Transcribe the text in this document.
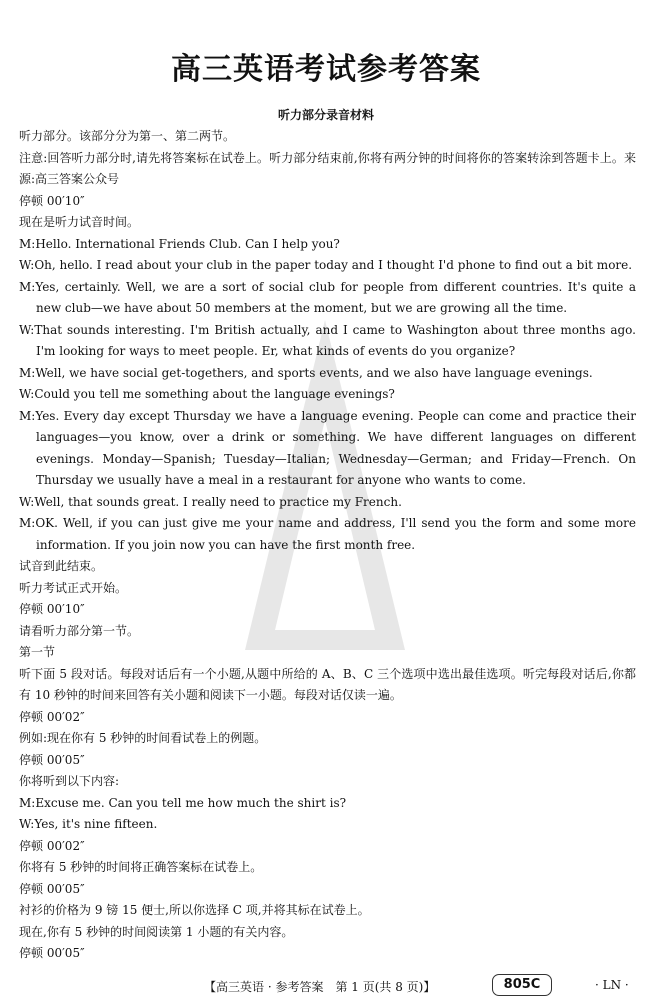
高三英语考试参考答案
听力部分录音材料
听力部分。该部分分为第一、第二两节。
注意:回答听力部分时,请先将答案标在试卷上。听力部分结束前,你将有两分钟的时间将你的答案转涂到答题卡上。来源:高三答案公众号
停顿 00′10″
现在是听力试音时间。
M:Hello. International Friends Club. Can I help you?
W:Oh, hello. I read about your club in the paper today and I thought I'd phone to find out a bit more.
M:Yes, certainly. Well, we are a sort of social club for people from different countries. It's quite a new club—we have about 50 members at the moment, but we are growing all the time.
W:That sounds interesting. I'm British actually, and I came to Washington about three months ago. I'm looking for ways to meet people. Er, what kinds of events do you organize?
M:Well, we have social get-togethers, and sports events, and we also have language evenings.
W:Could you tell me something about the language evenings?
M:Yes. Every day except Thursday we have a language evening. People can come and practice their languages—you know, over a drink or something. We have different languages on different evenings. Monday—Spanish; Tuesday—Italian; Wednesday—German; and Friday—French. On Thursday we usually have a meal in a restaurant for anyone who wants to come.
W:Well, that sounds great. I really need to practice my French.
M:OK. Well, if you can just give me your name and address, I'll send you the form and some more information. If you join now you can have the first month free.
试音到此结束。
听力考试正式开始。
停顿 00′10″
请看听力部分第一节。
第一节
听下面 5 段对话。每段对话后有一个小题,从题中所给的 A、B、C 三个选项中选出最佳选项。听完每段对话后,你都有 10 秒钟的时间来回答有关小题和阅读下一小题。每段对话仅读一遍。
停顿 00′02″
例如:现在你有 5 秒钟的时间看试卷上的例题。
停顿 00′05″
你将听到以下内容:
M:Excuse me. Can you tell me how much the shirt is?
W:Yes, it's nine fifteen.
停顿 00′02″
你将有 5 秒钟的时间将正确答案标在试卷上。
停顿 00′05″
衬衫的价格为 9 镑 15 便士,所以你选择 C 项,并将其标在试卷上。
现在,你有 5 秒钟的时间阅读第 1 小题的有关内容。
停顿 00′05″
【高三英语 · 参考答案　第 1 页(共 8 页)】	805C	· LN ·
